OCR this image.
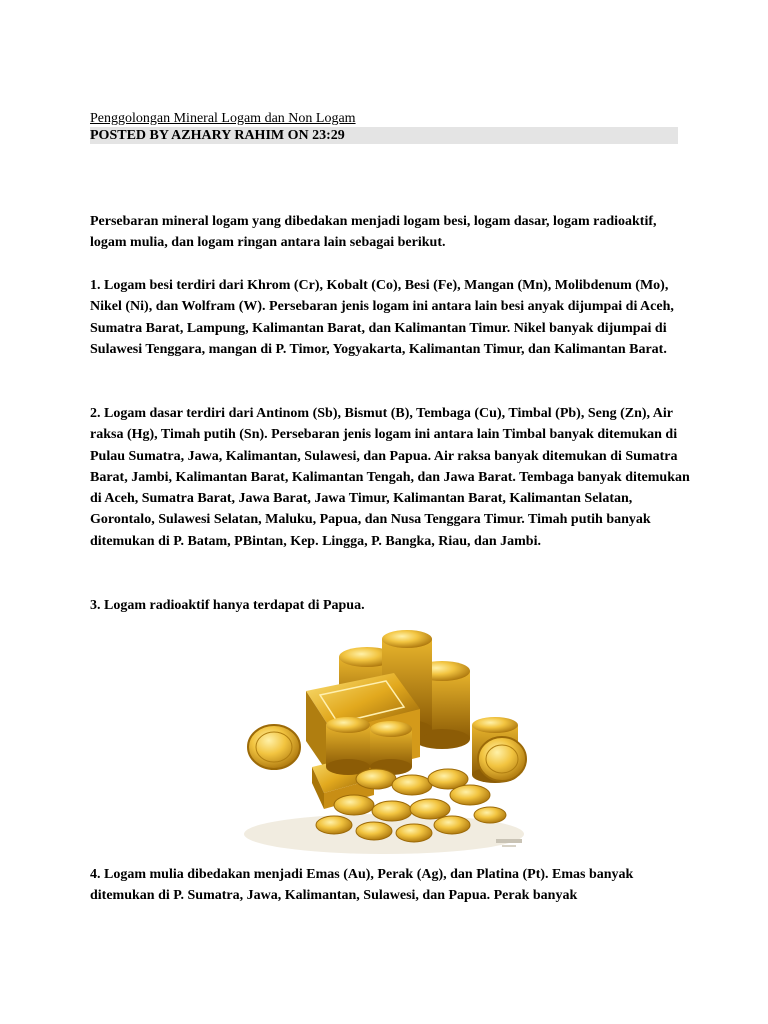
Penggolongan Mineral Logam dan Non Logam
POSTED BY AZHARY RAHIM ON 23:29

Persebaran mineral logam yang dibedakan menjadi logam besi, logam dasar, logam radioaktif, logam mulia, dan logam ringan antara lain sebagai berikut.

1. Logam besi terdiri dari Khrom (Cr), Kobalt (Co), Besi (Fe), Mangan (Mn), Molibdenum (Mo), Nikel (Ni), dan Wolfram (W). Persebaran jenis logam ini antara lain besi anyak dijumpai di Aceh, Sumatra Barat, Lampung, Kalimantan Barat, dan Kalimantan Timur. Nikel banyak dijumpai di Sulawesi Tenggara, mangan di P. Timor, Yogyakarta, Kalimantan Timur, dan Kalimantan Barat.

2. Logam dasar terdiri dari Antinom (Sb), Bismut (B), Tembaga (Cu), Timbal (Pb), Seng (Zn), Air raksa (Hg), Timah putih (Sn). Persebaran jenis logam ini antara lain Timbal banyak ditemukan di Pulau Sumatra, Jawa, Kalimantan, Sulawesi, dan Papua. Air raksa banyak ditemukan di Sumatra Barat, Jambi, Kalimantan Barat, Kalimantan Tengah, dan Jawa Barat. Tembaga banyak ditemukan di Aceh, Sumatra Barat, Jawa Barat, Jawa Timur, Kalimantan Barat, Kalimantan Selatan, Gorontalo, Sulawesi Selatan, Maluku, Papua, dan Nusa Tenggara Timur. Timah putih banyak ditemukan di P. Batam, PBintan, Kep. Lingga, P. Bangka, Riau, dan Jambi.

3. Logam radioaktif hanya terdapat di Papua.

4. Logam mulia dibedakan menjadi Emas (Au), Perak (Ag), dan Platina (Pt). Emas banyak ditemukan di P. Sumatra, Jawa, Kalimantan, Sulawesi, dan Papua. Perak banyak
